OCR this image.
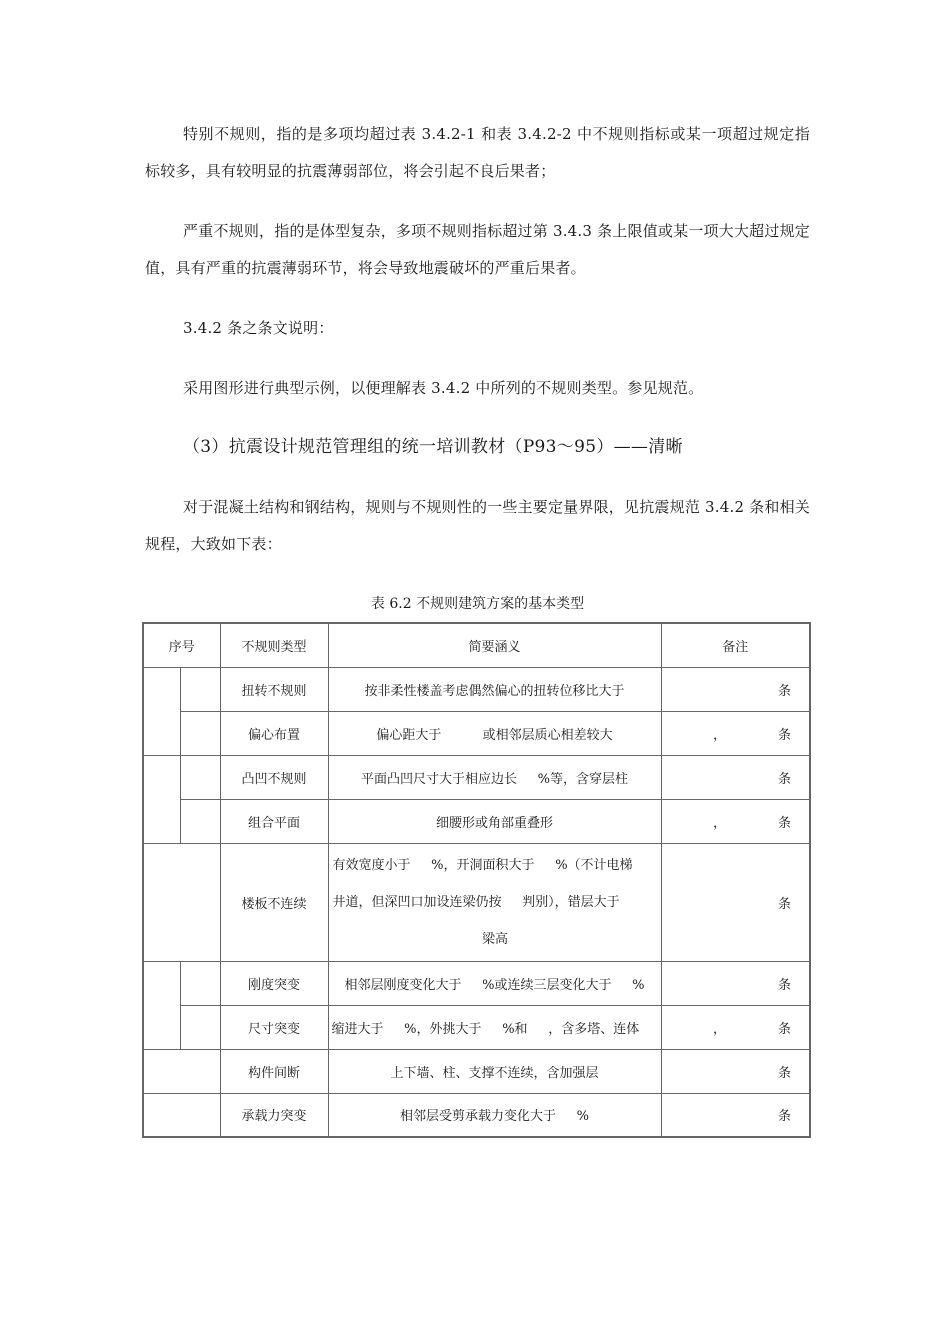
特别不规则，指的是多项均超过表 3.4.2-1 和表 3.4.2-2 中不规则指标或某一项超过规定指标较多，具有较明显的抗震薄弱部位，将会引起不良后果者；

严重不规则，指的是体型复杂，多项不规则指标超过第 3.4.3 条上限值或某一项大大超过规定值，具有严重的抗震薄弱环节，将会导致地震破坏的严重后果者。

3.4.2 条之条文说明：

采用图形进行典型示例，以便理解表 3.4.2 中所列的不规则类型。参见规范。

（3）抗震设计规范管理组的统一培训教材（P93～95）——清晰

对于混凝土结构和钢结构，规则与不规则性的一些主要定量界限，见抗震规范 3.4.2 条和相关规程，大致如下表：

表 6.2 不规则建筑方案的基本类型
序号		不规则类型	简要涵义	备注
		扭转不规则	按非柔性楼盖考虑偶然偏心的扭转位移比大于	条
		偏心布置	偏心距大于          或相邻层质心相差较大	， 条
		凸凹不规则	平面凸凹尺寸大于相应边长     %等，含穿层柱	条
		组合平面	细腰形或角部重叠形	， 条
		楼板不连续	有效宽度小于     %，开洞面积大于     %（不计电梯
井道，但深凹口加设连梁仍按     判别），错层大于
梁高	条
		刚度突变	相邻层刚度变化大于     %或连续三层变化大于     %	条
		尺寸突变	缩进大于     %，外挑大于     %和     ，含多塔、连体	， 条
		构件间断	上下墙、柱、支撑不连续，含加强层	条
		承载力突变	相邻层受剪承载力变化大于     %	条
